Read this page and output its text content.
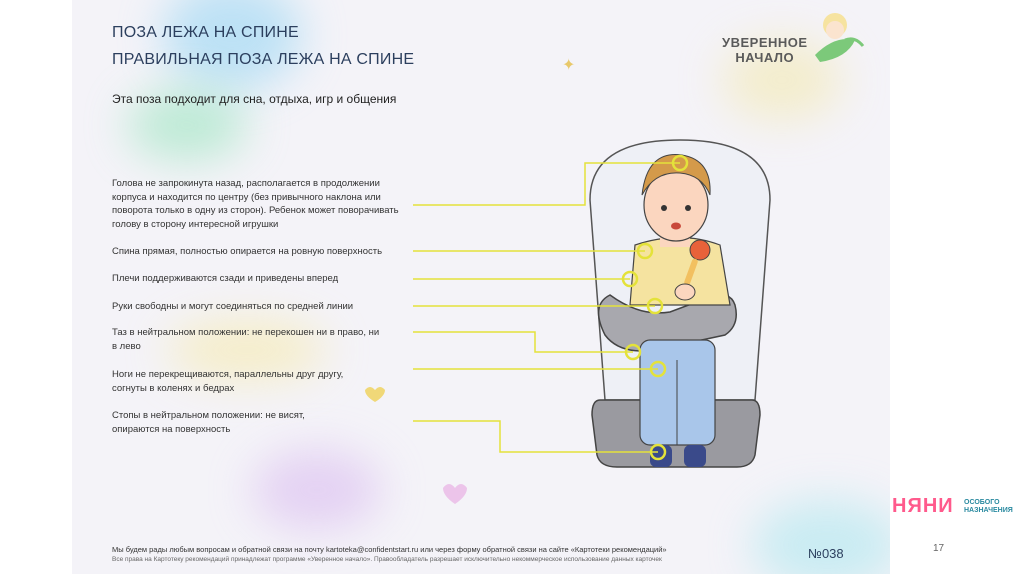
ПОЗА ЛЕЖА НА СПИНЕ
ПРАВИЛЬНАЯ ПОЗА ЛЕЖА НА СПИНЕ
Эта поза подходит для сна, отдыха, игр и общения
Голова не запрокинута назад, располагается в продолжении корпуса и находится по центру (без привычного наклона или поворота только в одну из сторон). Ребенок может поворачивать голову в сторону интересной игрушки
Спина прямая, полностью опирается на ровную поверхность
Плечи поддерживаются сзади и приведены вперед
Руки свободны и могут соединяться по средней линии
Таз в нейтральном положении: не перекошен ни в право, ни в лево
Ноги не перекрещиваются, параллельны друг другу, согнуты в коленях и бедрах
Стопы в нейтральном положении: не висят, опираются на поверхность
УВЕРЕННОЕ
НАЧАЛО
Мы будем рады любым вопросам и обратной связи на почту kartoteka@confidentstart.ru или через форму обратной связи на сайте «Картотеки рекомендаций»
Все права на Картотеку рекомендаций принадлежат программе «Уверенное начало». Правообладатель разрешает исключительно некоммерческое использование данных карточек	№038
✦
НЯНИ ОСОБОГО
НАЗНАЧЕНИЯ
17
